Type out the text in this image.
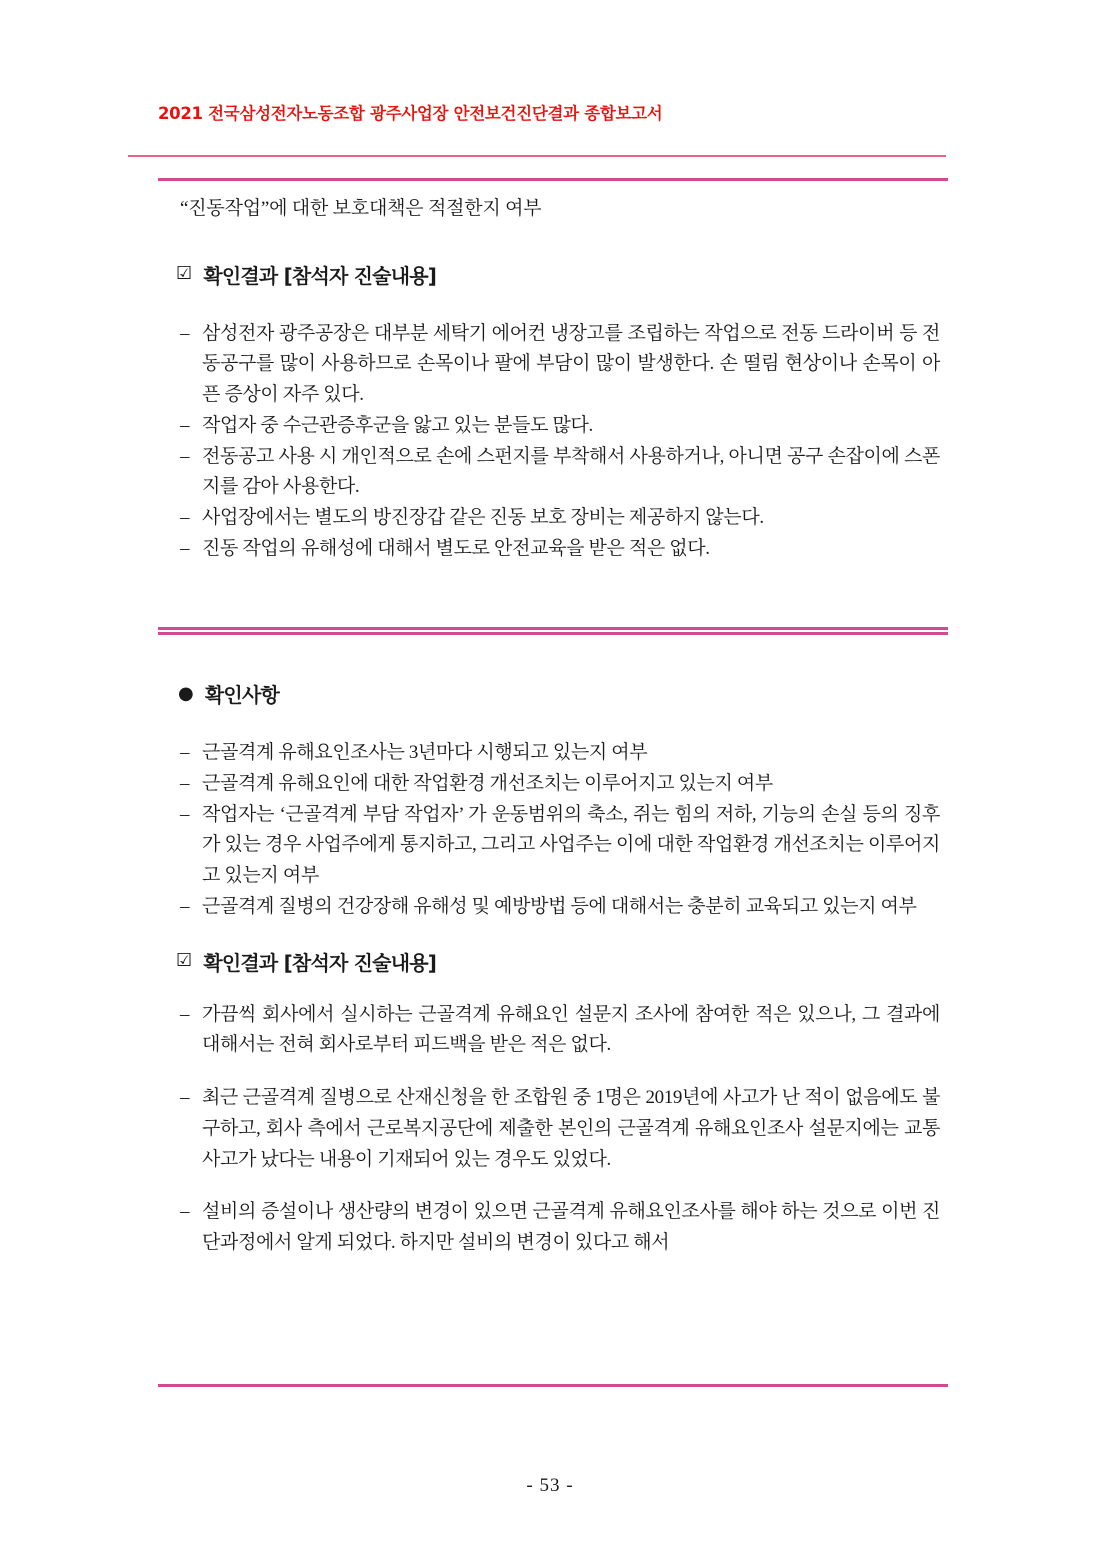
2021 전국삼성전자노동조합 광주사업장 안전보건진단결과 종합보고서
“진동작업”에 대한 보호대책은 적절한지 여부
☑ 확인결과 [참석자 진술내용]
– 삼성전자 광주공장은 대부분 세탁기 에어컨 냉장고를 조립하는 작업으로 전동 드라이버 등 전동공구를 많이 사용하므로 손목이나 팔에 부담이 많이 발생한다. 손 떨림 현상이나 손목이 아픈 증상이 자주 있다.
– 작업자 중 수근관증후군을 앓고 있는 분들도 많다.
– 전동공고 사용 시 개인적으로 손에 스펀지를 부착해서 사용하거나, 아니면 공구 손잡이에 스폰지를 감아 사용한다.
– 사업장에서는 별도의 방진장갑 같은 진동 보호 장비는 제공하지 않는다.
– 진동 작업의 유해성에 대해서 별도로 안전교육을 받은 적은 없다.
● 확인사항
– 근골격계 유해요인조사는 3년마다 시행되고 있는지 여부
– 근골격계 유해요인에 대한 작업환경 개선조치는 이루어지고 있는지 여부
– 작업자는 ‘근골격계 부담 작업자’ 가 운동범위의 축소, 쥐는 힘의 저하, 기능의 손실 등의 징후가 있는 경우 사업주에게 통지하고, 그리고 사업주는 이에 대한 작업환경 개선조치는 이루어지고 있는지 여부
– 근골격계 질병의 건강장해 유해성 및 예방방법 등에 대해서는 충분히 교육되고 있는지 여부
☑ 확인결과 [참석자 진술내용]
– 가끔씩 회사에서 실시하는 근골격계 유해요인 설문지 조사에 참여한 적은 있으나, 그 결과에 대해서는 전혀 회사로부터 피드백을 받은 적은 없다.
– 최근 근골격계 질병으로 산재신청을 한 조합원 중 1명은 2019년에 사고가 난 적이 없음에도 불구하고, 회사 측에서 근로복지공단에 제출한 본인의 근골격계 유해요인조사 설문지에는 교통사고가 났다는 내용이 기재되어 있는 경우도 있었다.
– 설비의 증설이나 생산량의 변경이 있으면 근골격계 유해요인조사를 해야 하는 것으로 이번 진단과정에서 알게 되었다. 하지만 설비의 변경이 있다고 해서
- 53 -
